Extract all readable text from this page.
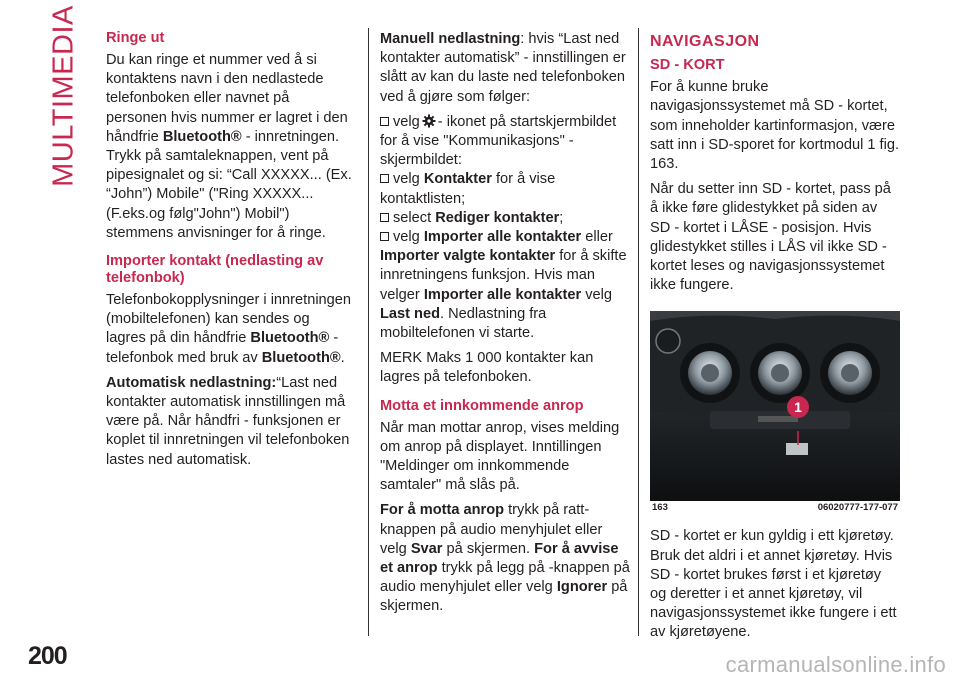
MULTIMEDIA Ringe ut

Du kan ringe et nummer ved å si kontaktens navn i den nedlastede telefonboken eller navnet på personen hvis nummer er lagret i den håndfrie Bluetooth® - innretningen. Trykk på samtaleknappen, vent på pipesignalet og si: “Call XXXXX... (Ex. “John”) Mobile" ("Ring XXXXX...(F.eks.og følg"John") Mobil") stemmens anvisninger for å ringe.

Importer kontakt (nedlasting av telefonbok)

Telefonbokopplysninger i innretningen (mobiltelefonen) kan sendes og lagres på din håndfrie Bluetooth® - telefonbok med bruk av Bluetooth®.

Automatisk nedlastning:“Last ned kontakter automatisk innstillingen må være på. Når håndfri - funksjonen er koplet til innretningen vil telefonboken lastes ned automatisk.

Manuell nedlastning: hvis “Last ned kontakter automatisk” - innstillingen er slått av kan du laste ned telefonboken ved å gjøre som følger:

velg - ikonet på startskjermbildet for å vise "Kommunikasjons" - skjermbildet:

velg Kontakter for å vise kontaktlisten;

select Rediger kontakter;

velg Importer alle kontakter eller Importer valgte kontakter for å skifte innretningens funksjon. Hvis man velger Importer alle kontakter velg Last ned. Nedlastning fra mobiltelefonen vi starte.

MERK Maks 1 000 kontakter kan lagres på telefonboken.

Motta et innkommende anrop

Når man mottar anrop, vises melding om anrop på displayet. Inntillingen "Meldinger om innkommende samtaler" må slås på.

For å motta anrop trykk på ratt-knappen på audio menyhjulet eller velg Svar på skjermen. For å avvise et anrop trykk på legg på -knappen på audio menyhjulet eller velg Ignorer på skjermen.

NAVIGASJON
SD - KORT

For å kunne bruke navigasjonssystemet må SD - kortet, som inneholder kartinformasjon, være satt inn i SD-sporet for kortmodul 1 fig. 163.

Når du setter inn SD - kortet, pass på å ikke føre glidestykket på siden av SD - kortet i LÅSE - posisjon. Hvis glidestykket stilles i LÅS vil ikke SD - kortet leses og navigasjonssystemet ikke fungere.

1
163	06020777-177-077

SD - kortet er kun gyldig i ett kjøretøy. Bruk det aldri i et annet kjøretøy. Hvis SD - kortet brukes først i et kjøretøy og deretter i et annet kjøretøy, vil navigasjonssystemet ikke fungere i ett av kjøretøyene.

200	carmanualsonline.info
